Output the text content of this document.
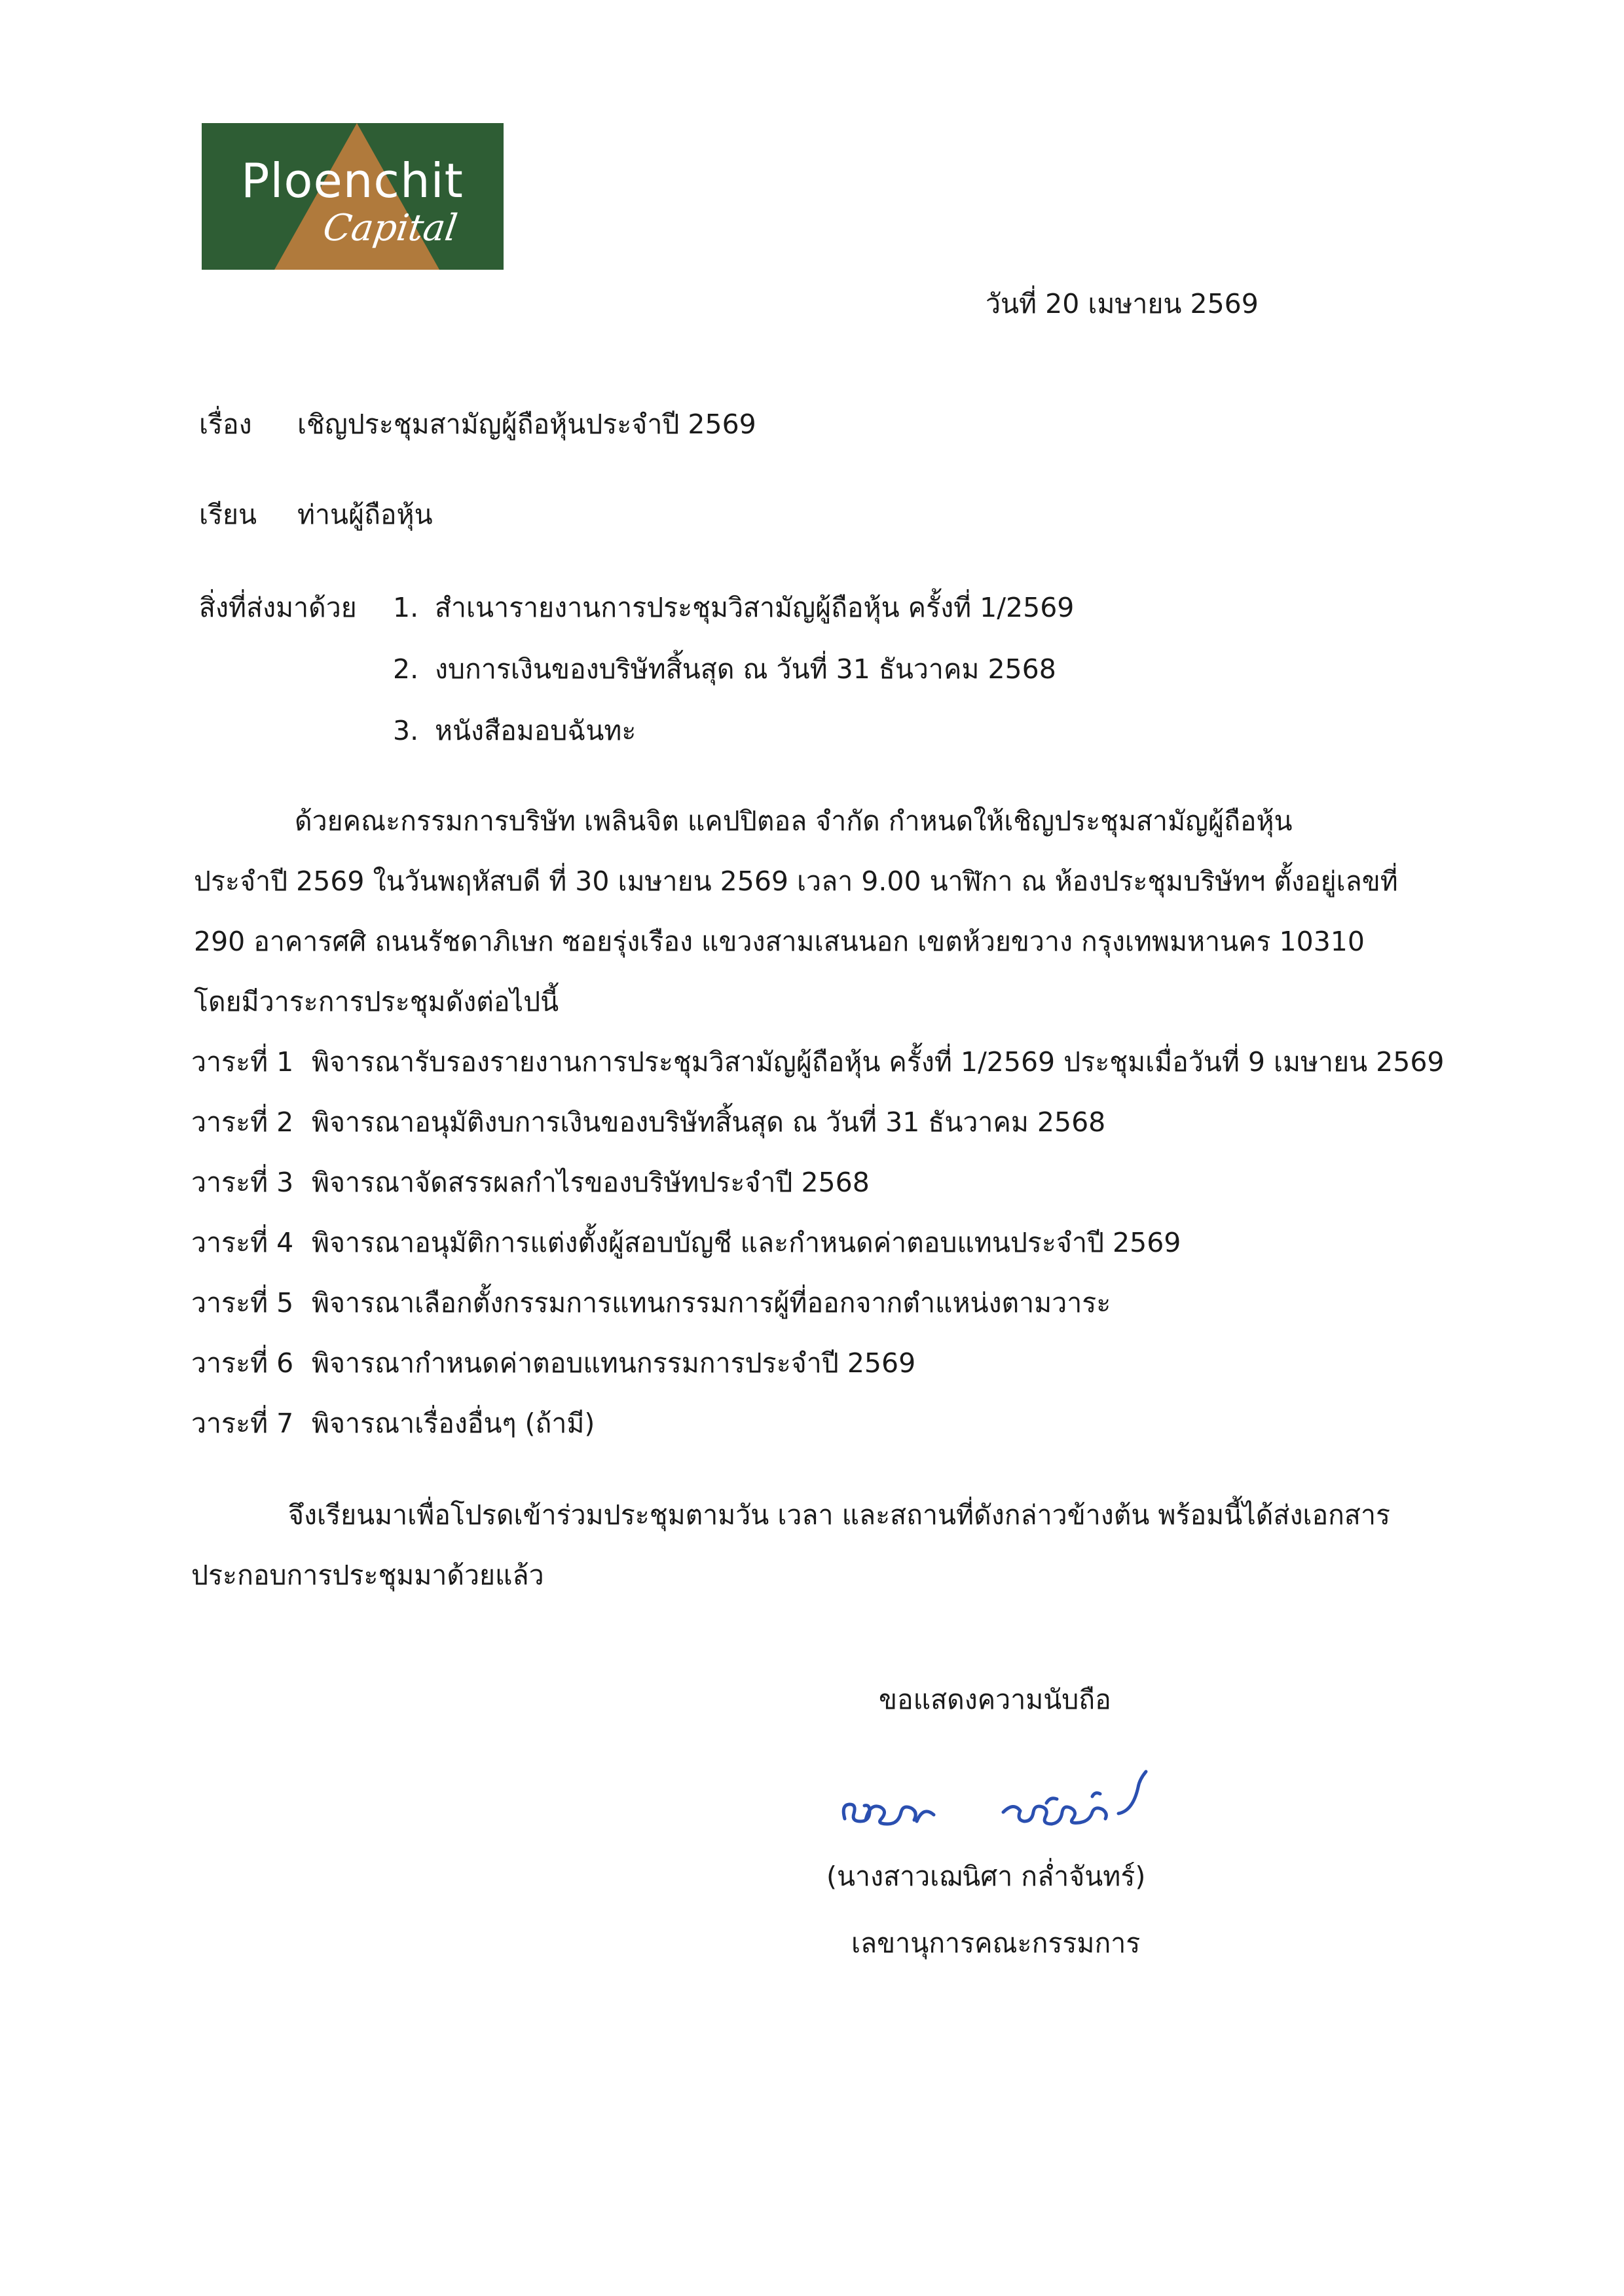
Ploenchit
Capital
วันที่ 20 เมษายน 2569
เรื่อง เชิญประชุมสามัญผู้ถือหุ้นประจำปี 2569
เรียน ท่านผู้ถือหุ้น
สิ่งที่ส่งมาด้วย 1. สำเนารายงานการประชุมวิสามัญผู้ถือหุ้น ครั้งที่ 1/2569
2. งบการเงินของบริษัทสิ้นสุด ณ วันที่ 31 ธันวาคม 2568
3. หนังสือมอบฉันทะ
ด้วยคณะกรรมการบริษัท เพลินจิต แคปปิตอล จำกัด กำหนดให้เชิญประชุมสามัญผู้ถือหุ้น
ประจำปี 2569 ในวันพฤหัสบดี ที่ 30 เมษายน 2569 เวลา 9.00 นาฬิกา ณ ห้องประชุมบริษัทฯ ตั้งอยู่เลขที่
290 อาคารศศิ ถนนรัชดาภิเษก ซอยรุ่งเรือง แขวงสามเสนนอก เขตห้วยขวาง กรุงเทพมหานคร 10310
โดยมีวาระการประชุมดังต่อไปนี้
วาระที่ 1 พิจารณารับรองรายงานการประชุมวิสามัญผู้ถือหุ้น ครั้งที่ 1/2569 ประชุมเมื่อวันที่ 9 เมษายน 2569
วาระที่ 2 พิจารณาอนุมัติงบการเงินของบริษัทสิ้นสุด ณ วันที่ 31 ธันวาคม 2568
วาระที่ 3 พิจารณาจัดสรรผลกำไรของบริษัทประจำปี 2568
วาระที่ 4 พิจารณาอนุมัติการแต่งตั้งผู้สอบบัญชี และกำหนดค่าตอบแทนประจำปี 2569
วาระที่ 5 พิจารณาเลือกตั้งกรรมการแทนกรรมการผู้ที่ออกจากตำแหน่งตามวาระ
วาระที่ 6 พิจารณากำหนดค่าตอบแทนกรรมการประจำปี 2569
วาระที่ 7 พิจารณาเรื่องอื่นๆ (ถ้ามี)
จึงเรียนมาเพื่อโปรดเข้าร่วมประชุมตามวัน เวลา และสถานที่ดังกล่าวข้างต้น พร้อมนี้ได้ส่งเอกสาร
ประกอบการประชุมมาด้วยแล้ว
ขอแสดงความนับถือ
(นางสาวเฌนิศา กล่ำจันทร์)
เลขานุการคณะกรรมการ
